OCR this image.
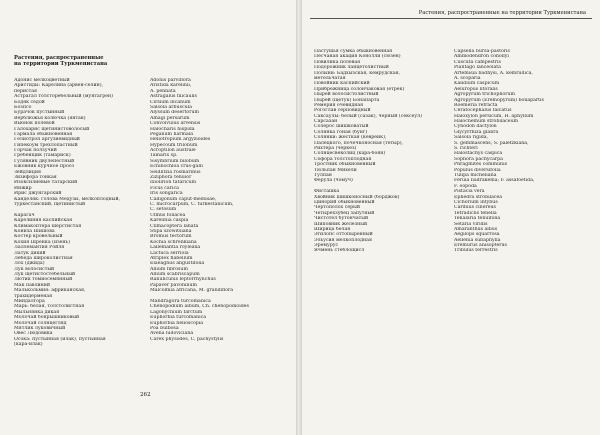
Растения, распространенные
на территории Туркменистана
Адонис мелкоцветный
Аристиды: Карелина (арвен-селин),
перистая
Астрагал толсторебельный (мунтагрен)
Бодяк седой
Бозпсо
Бурачок пустынный
Верблюжья колючка (янтак)
Вьюнок полевой
Галохарис щетинистоволосый
Гармала обыкновенная
Гелиотроп аргузиевидный
Гипекоум трехлопастный
Горчак ползучий
Гребенщик (тамариск)
Гулявник двулепестный
Ежовник курчное просо
Зейдлиция
Зизифора тонкая
Изоксилиевые татарский
Инжир
Ирис джунгарский
Канделяк: голова Медузы, мелкоплодный,
туркестанский, щетинистый
Карагач
Карелиния каспийская
Климакоптера шерстистая
Кониза Шишова
Костер кровельный
Кохия Шренка (изень)
Лаллемантия Ройля
Латук дикий
Лебеда широколистная
Лох (джида)
Лук волосистый
Лук щетистостебельный
Лютик томиосемянный
Мак павлиний
Малькольмия: африканская,
трахидерменая
Миндалгора
Марь: белая, толстолистная
Мыльнянка дикая
Молочай боярышниковый
Молочай солнцегляд
Мятлик луковичный
Овес Людовика
Осока: пустынная (илак), пустынная
(кара-илак)
Adonis parviflora
Aristida karelinii,
A. pennata
Astragalus filicaulis
Cirsium incanum
Salsola arbuscula
Alyssum desertorum
Alhagi persarum
Convolvulus arvensis
Halocharis hispida
Peganum harmala
Heliotropium argyzioides
Hypecoum trilobum
Acroptilon australe
Tamarix sp.
Sisymbrium bilobum
Echinochloa crus-galli
Seidlitzia rosmarinus
Ziziphora tenuior
Ixiolirion tataricum
Ficus carica
Iris songarica
Calligonum caput-medusae,
C. microcarpum, C. turkestanicum,
C. setosum
Ulmus foliacea
Karelinia caspia
Climacoptera lanata
Stipa szowitsiana
Bromus tectorum
Kochia schrenkiana
Lallemantia royleana
Lactuca serriola
Atriplex flabellum
Elaeagnus angustifolia
Allium fibrosum
Allium scabriscapum
Ranunculus leptorrhynchus
Papaver pavoninum
Malcolmia africana, M. grandiflora
Mandragora turcomanica
Chenopodium album, Ch. chenopodioides
Lagonychium farctum
Euphorbia turcomanica
Euphorbia helioscopia
Poa bulbosa
Avena ludoviciana
Carex physodes, C. pachystylis
262
Растения, распространенные на территории Туркменистана
Пастушья сумка обыкновенная
Песчаная акация Конолли (сюзен)
Повилика полевая
Подорожник ланцетолистный
Полыни: Бадхызская, кемрудская,
метельчатая
Повойник каспийский
Прибрежница солончаковая (етрек)
Пырей волосистолистный
Пырей (щетук) Бонапарта
Ремерия очевидная
Рогоглав серповидный
Саксаулы: белый (сазак), черный (сексеул)
Сарсазан
Солерос шишковатый
Солянка гоная (бунг)
Солянки: жесткая (кевреик),
Палецкого, почечконосная (тетыр),
Рихтера (черкез)
Солнцесвеколиц (кара-боян)
Софора толстоплодная
Тростник обыкновенный
Тюльпан Михели
Тулпан
Ферула (чомуч)
Фисташка
Хвойник шишконосный (борджок)
Цинорий обыкновенный
Чертополох серый
Четырехзубец запутный
Чистотел бутончатый
Шиповник железный
Ширица белая
Эгилопс оттопыренный
Эльусия мелкоплодная
Эремурус
Ячмень стеблощисл
Capsella bursa-pastoris
Ammodendron conollyi
Cuscuta campestris
Plantago lanceolata
Artemisia badhysi, A. kemrudica,
A. scoparia
Kalidium caspicum
Aeluropus litoralis
Agropyrum trichophorum
Agropyrum (Eremopyrum) bonapartis
Roemeria refracta
Ceratocephalus falcatus
Haloxylon persicum, H. aphyllum
Halocnemum strobilaceum
Cynodon dactylon
Glycyrrhiza glabra
Salsola rigida,
S. gemmascens, S. paletzkiana,
S. richteri
Halostachys caspica
Sophora pachycarpa
Phragmites communis
Populus diversifolia
Tulipa micheliana
Ferula badrakema; F. assafoetida,
F. oopoda
Pistacia vera
Ephedra strobilacea
Cichorium intybus
Carduus cinereus
Tetradiclis tenella
Tenalaria tenuifolia
Setaria viridis
Amaranthus albus
Aegilops squarrosa
Aellenia subaphylla
Eremurus anisopterus
Tribulus terrestris
